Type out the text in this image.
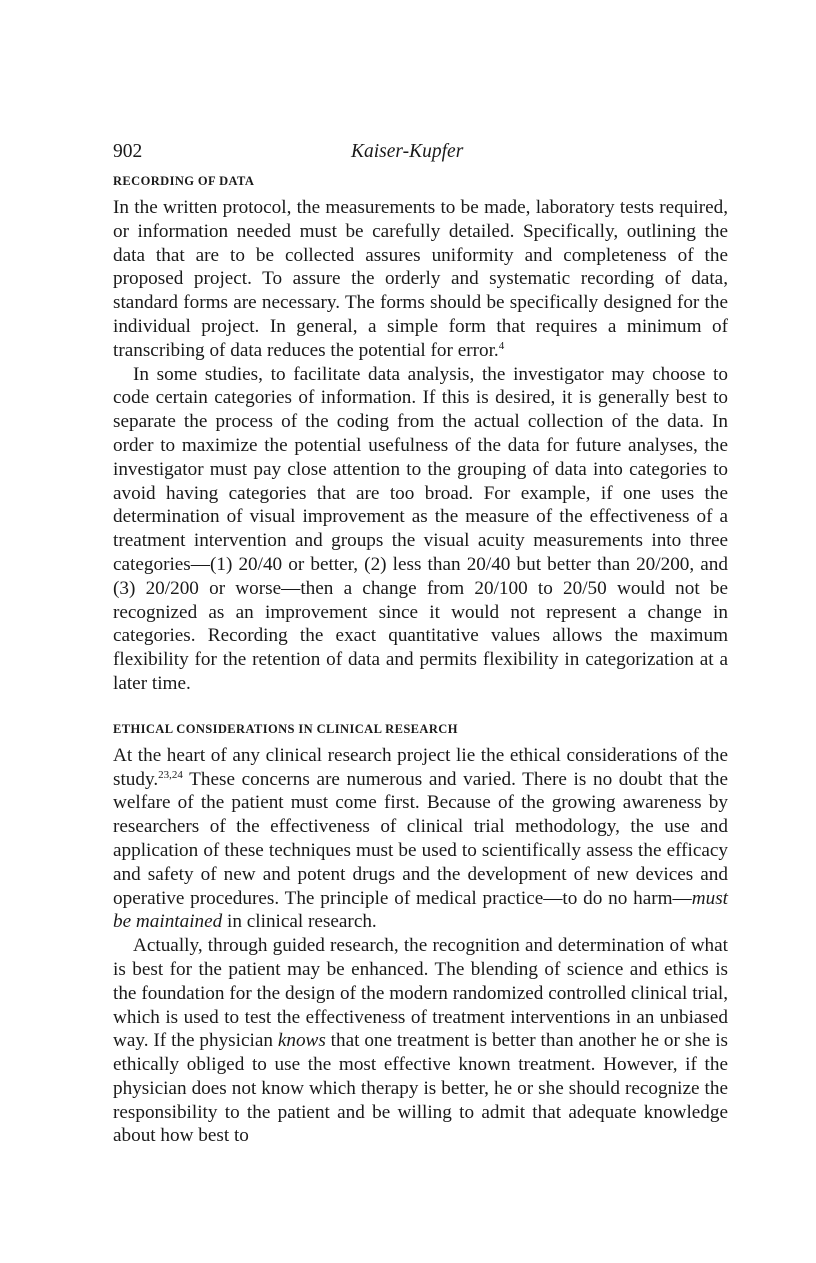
902	Kaiser-Kupfer
RECORDING OF DATA

In the written protocol, the measurements to be made, laboratory tests required, or information needed must be carefully detailed. Specifically, outlining the data that are to be collected assures uniformity and completeness of the proposed project. To assure the orderly and systematic recording of data, standard forms are necessary. The forms should be specifically designed for the individual project. In general, a simple form that requires a minimum of transcribing of data reduces the potential for error.$^4$

In some studies, to facilitate data analysis, the investigator may choose to code certain categories of information. If this is desired, it is generally best to separate the process of the coding from the actual collection of the data. In order to maximize the potential usefulness of the data for future analyses, the investigator must pay close attention to the grouping of data into categories to avoid having categories that are too broad. For example, if one uses the determination of visual improvement as the measure of the effectiveness of a treatment intervention and groups the visual acuity measurements into three categories—(1) 20/40 or better, (2) less than 20/40 but better than 20/200, and (3) 20/200 or worse—then a change from 20/100 to 20/50 would not be recognized as an improvement since it would not represent a change in categories. Recording the exact quantitative values allows the maximum flexibility for the retention of data and permits flexibility in categorization at a later time.

ETHICAL CONSIDERATIONS IN CLINICAL RESEARCH

At the heart of any clinical research project lie the ethical considerations of the study.$^{23,24}$ These concerns are numerous and varied. There is no doubt that the welfare of the patient must come first. Because of the growing awareness by researchers of the effectiveness of clinical trial methodology, the use and application of these techniques must be used to scientifically assess the efficacy and safety of new and potent drugs and the development of new devices and operative procedures. The principle of medical practice—to do no harm—must be maintained in clinical research.

Actually, through guided research, the recognition and determination of what is best for the patient may be enhanced. The blending of science and ethics is the foundation for the design of the modern randomized controlled clinical trial, which is used to test the effectiveness of treatment interventions in an unbiased way. If the physician knows that one treatment is better than another he or she is ethically obliged to use the most effective known treatment. However, if the physician does not know which therapy is better, he or she should recognize the responsibility to the patient and be willing to admit that adequate knowledge about how best to
